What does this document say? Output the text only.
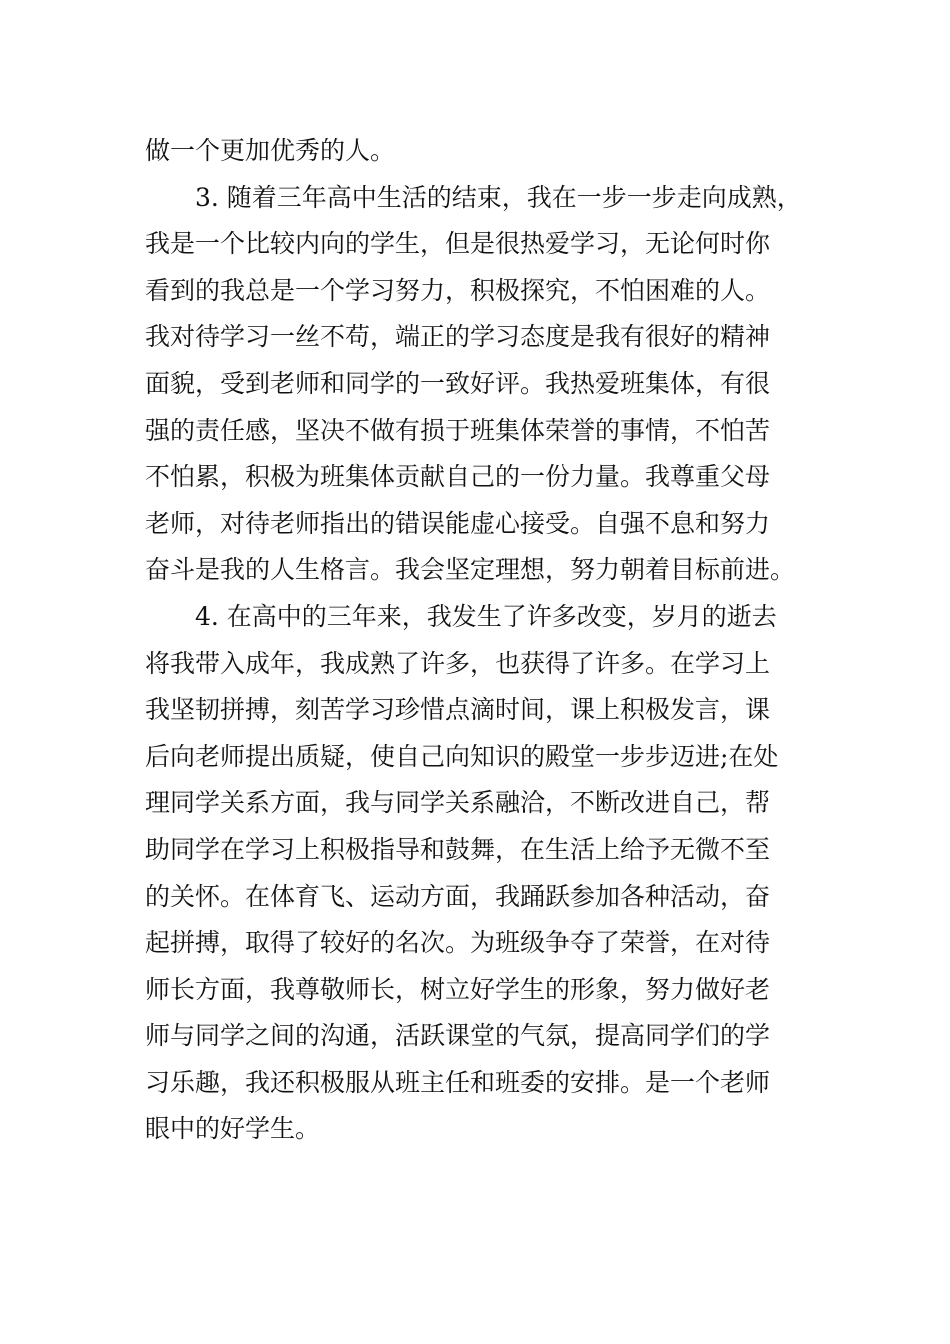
做一个更加优秀的人。
3. 随着三年高中生活的结束，我在一步一步走向成熟，
我是一个比较内向的学生，但是很热爱学习，无论何时你
看到的我总是一个学习努力，积极探究，不怕困难的人。
我对待学习一丝不苟，端正的学习态度是我有很好的精神
面貌，受到老师和同学的一致好评。我热爱班集体，有很
强的责任感，坚决不做有损于班集体荣誉的事情，不怕苦
不怕累，积极为班集体贡献自己的一份力量。我尊重父母
老师，对待老师指出的错误能虚心接受。自强不息和努力
奋斗是我的人生格言。我会坚定理想，努力朝着目标前进。
4. 在高中的三年来，我发生了许多改变，岁月的逝去
将我带入成年，我成熟了许多，也获得了许多。在学习上
我坚韧拼搏，刻苦学习珍惜点滴时间，课上积极发言，课
后向老师提出质疑，使自己向知识的殿堂一步步迈进;在处
理同学关系方面，我与同学关系融洽，不断改进自己，帮
助同学在学习上积极指导和鼓舞，在生活上给予无微不至
的关怀。在体育飞、运动方面，我踊跃参加各种活动，奋
起拼搏，取得了较好的名次。为班级争夺了荣誉，在对待
师长方面，我尊敬师长，树立好学生的形象，努力做好老
师与同学之间的沟通，活跃课堂的气氛，提高同学们的学
习乐趣，我还积极服从班主任和班委的安排。是一个老师
眼中的好学生。
